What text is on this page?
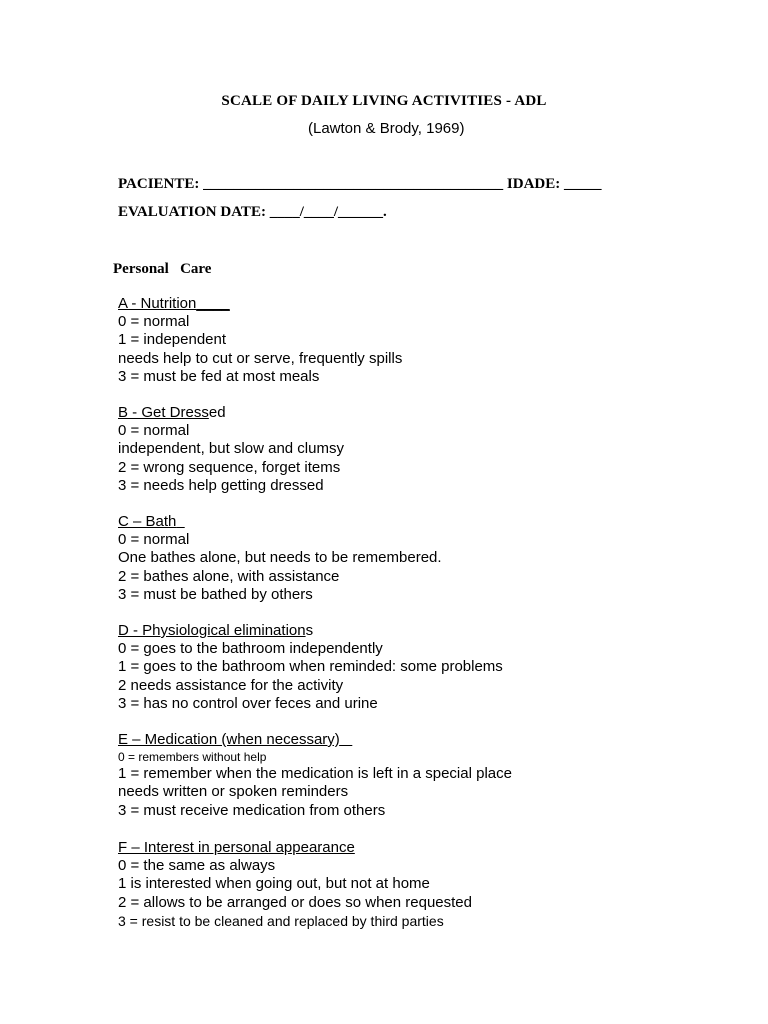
SCALE OF DAILY LIVING ACTIVITIES - ADL
(Lawton & Brody, 1969)
PACIENTE: ________________________________________ IDADE: _____
EVALUATION DATE: ____/____/______.
Personal   Care
A - Nutrition____
0 = normal
1 = independent
needs help to cut or serve, frequently spills
3 = must be fed at most meals
B - Get Dressed
0 = normal
independent, but slow and clumsy
2 = wrong sequence, forget items
3 = needs help getting dressed
C – Bath
0 = normal
One bathes alone, but needs to be remembered.
2 = bathes alone, with assistance
3 = must be bathed by others
D - Physiological eliminations
0 = goes to the bathroom independently
1 = goes to the bathroom when reminded: some problems
2 needs assistance for the activity
3 = has no control over feces and urine
E – Medication (when necessary)
0 = remembers without help
1 = remember when the medication is left in a special place
needs written or spoken reminders
3 = must receive medication from others
F – Interest in personal appearance
0 = the same as always
1 is interested when going out, but not at home
2 = allows to be arranged or does so when requested
3 = resist to be cleaned and replaced by third parties
